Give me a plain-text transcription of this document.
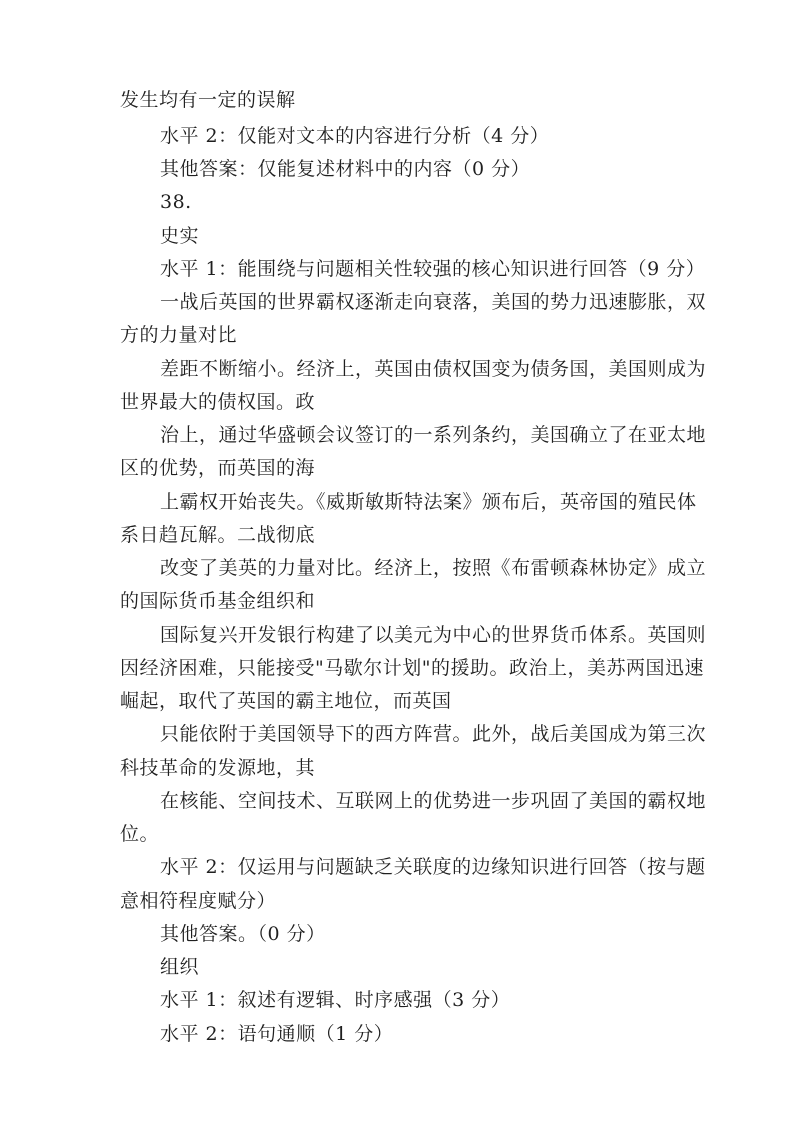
发生均有一定的误解
水平 2：仅能对文本的内容进行分析（4 分）
其他答案：仅能复述材料中的内容（0 分）
38.
史实
水平 1：能围绕与问题相关性较强的核心知识进行回答（9 分）
一战后英国的世界霸权逐渐走向衰落，美国的势力迅速膨胀，双
方的力量对比
差距不断缩小。经济上，英国由债权国变为债务国，美国则成为
世界最大的债权国。政
治上，通过华盛顿会议签订的一系列条约，美国确立了在亚太地
区的优势，而英国的海
上霸权开始丧失。《威斯敏斯特法案》颁布后，英帝国的殖民体
系日趋瓦解。二战彻底
改变了美英的力量对比。经济上，按照《布雷顿森林协定》成立
的国际货币基金组织和
国际复兴开发银行构建了以美元为中心的世界货币体系。英国则
因经济困难，只能接受"马歇尔计划"的援助。政治上，美苏两国迅速
崛起，取代了英国的霸主地位，而英国
只能依附于美国领导下的西方阵营。此外，战后美国成为第三次
科技革命的发源地，其
在核能、空间技术、互联网上的优势进一步巩固了美国的霸权地
位。
水平 2：仅运用与问题缺乏关联度的边缘知识进行回答（按与题
意相符程度赋分）
其他答案。（0 分）
组织
水平 1：叙述有逻辑、时序感强（3 分）
水平 2：语句通顺（1 分）
